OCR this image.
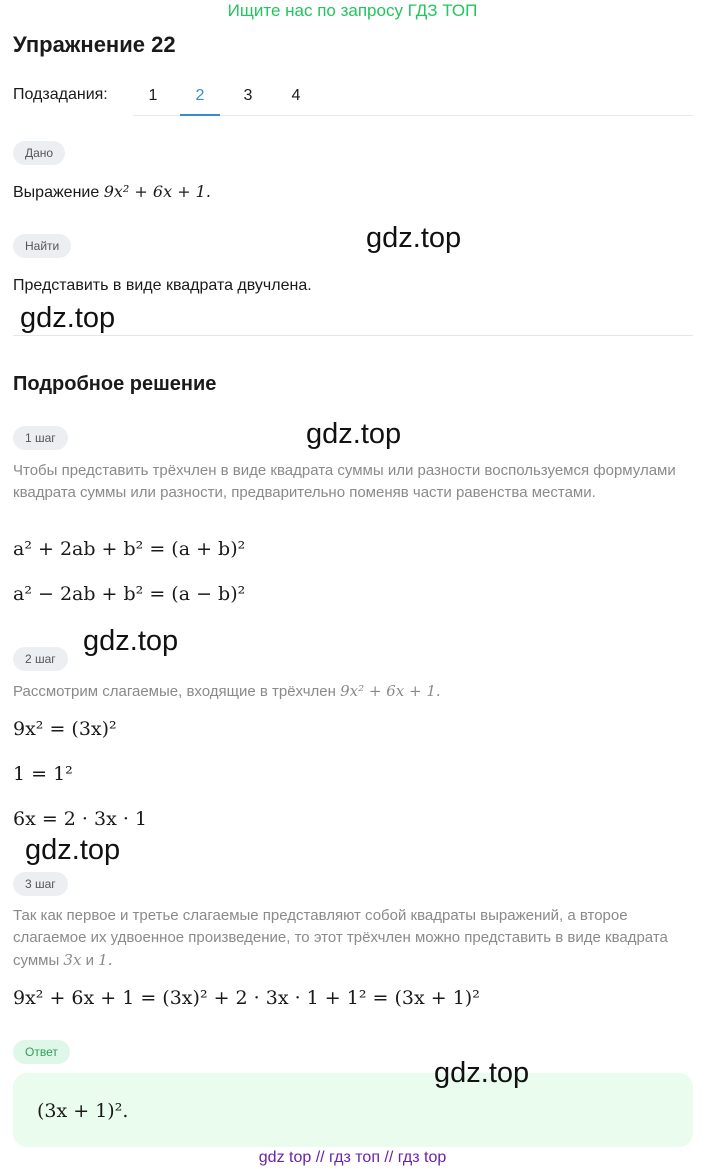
Ищите нас по запросу ГДЗ ТОП
Упражнение 22
Подзадания:	1	2	3	4
Дано
Выражение 9x² + 6x + 1.
Найти
Представить в виде квадрата двучлена.
Подробное решение
1 шаг
Чтобы представить трёхчлен в виде квадрата суммы или разности воспользуемся формулами квадрата суммы или разности, предварительно поменяв части равенства местами.
a² + 2ab + b² = (a + b)²
a² − 2ab + b² = (a − b)²
2 шаг
Рассмотрим слагаемые, входящие в трёхчлен 9x² + 6x + 1.
9x² = (3x)²
1 = 1²
6x = 2 · 3x · 1
3 шаг
Так как первое и третье слагаемые представляют собой квадраты выражений, а второе слагаемое их удвоенное произведение, то этот трёхчлен можно представить в виде квадрата суммы 3x и 1.
9x² + 6x + 1 = (3x)² + 2 · 3x · 1 + 1² = (3x + 1)²
Ответ
(3x + 1)².
gdz.top
gdz.top
gdz.top
gdz.top
gdz.top
gdz.top
gdz top // гдз топ // гдз top
